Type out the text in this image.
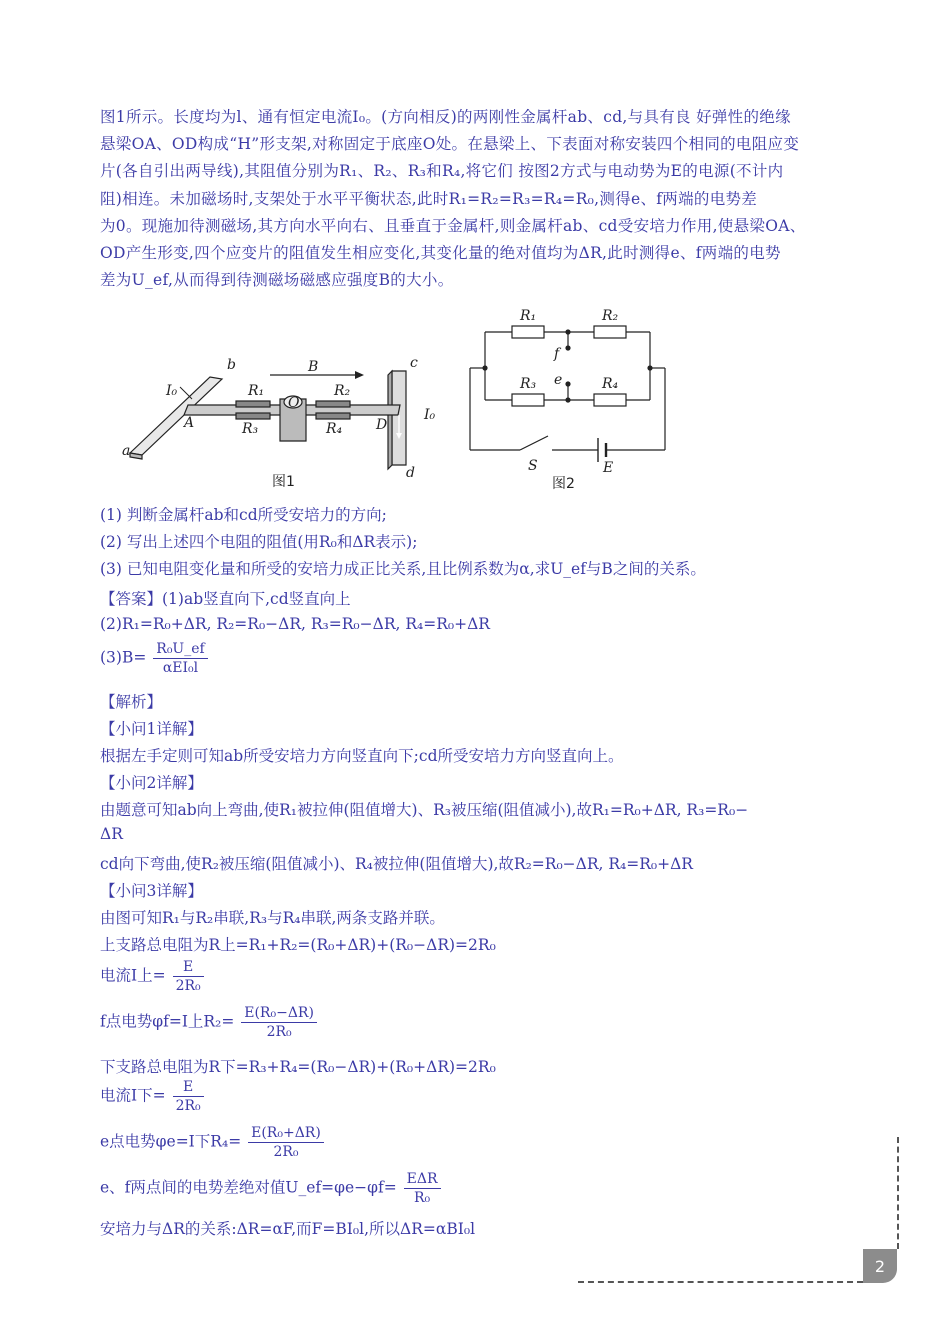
图1所示。长度均为l、通有恒定电流I₀。(方向相反)的两刚性金属杆ab、cd,与具有良 好弹性的绝缘
悬梁OA、OD构成“H”形支架,对称固定于底座O处。在悬梁上、下表面对称安装四个相同的电阻应变
片(各自引出两导线),其阻值分别为R₁、R₂、R₃和R₄,将它们 按图2方式与电动势为E的电源(不计内
阻)相连。未加磁场时,支架处于水平平衡状态,此时R₁=R₂=R₃=R₄=R₀,测得e、f两端的电势差
为0。现施加待测磁场,其方向水平向右、且垂直于金属杆,则金属杆ab、cd受安培力作用,使悬梁OA、
OD产生形变,四个应变片的阻值发生相应变化,其变化量的绝对值均为ΔR,此时测得e、f两端的电势
差为U_ef,从而得到待测磁场磁感应强度B的大小。
a
b	c
d
A	D
O
B
I₀
I₀
R₁	R₂
R₃	R₄
图1
R₁	R₂
R₃	R₄
f
e
S	E
图2
(1) 判断金属杆ab和cd所受安培力的方向;
(2) 写出上述四个电阻的阻值(用R₀和ΔR表示);
(3) 已知电阻变化量和所受的安培力成正比关系,且比例系数为α,求U_ef与B之间的关系。
【答案】(1)ab竖直向下,cd竖直向上
(2)R₁=R₀+ΔR, R₂=R₀−ΔR, R₃=R₀−ΔR, R₄=R₀+ΔR
$(3)B= \frac{\text{R₀U\_ef}}{\text{αEI₀l}}$
【解析】
【小问1详解】
根据左手定则可知ab所受安培力方向竖直向下;cd所受安培力方向竖直向上。
【小问2详解】
由题意可知ab向上弯曲,使R₁被拉伸(阻值增大)、R₃被压缩(阻值减小),故R₁=R₀+ΔR, R₃=R₀−
ΔR
cd向下弯曲,使R₂被压缩(阻值减小)、R₄被拉伸(阻值增大),故R₂=R₀−ΔR, R₄=R₀+ΔR
【小问3详解】
由图可知R₁与R₂串联,R₃与R₄串联,两条支路并联。
上支路总电阻为R上=R₁+R₂=(R₀+ΔR)+(R₀−ΔR)=2R₀
电流I上= $\frac{E}{\text{2R₀}}$
f点电势φf=I上$R_2= \frac{\text{E(R₀−ΔR)}}{\text{2R₀}}$
下支路总电阻为R下=R₃+R₄=(R₀−ΔR)+(R₀+ΔR)=2R₀
电流I下= $\frac{E}{\text{2R₀}}$
e点电势φe=I下$R_4= \frac{\text{E(R₀+ΔR)}}{\text{2R₀}}$
e、f两点间的电势差绝对值U_ef=φe−φf= $\frac{\text{EΔR}}{\text{R₀}}$
安培力与ΔR的关系:ΔR=αF,而F=BI₀l,所以ΔR=αBI₀l
2
